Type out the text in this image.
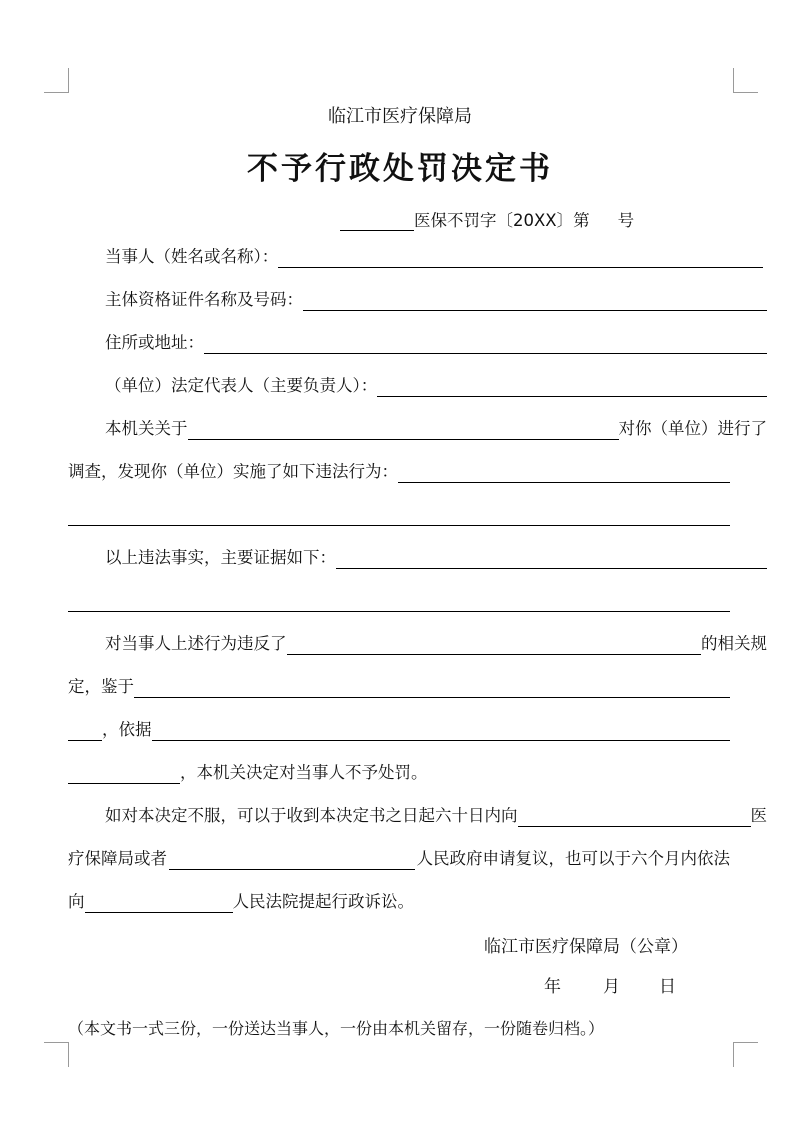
临江市医疗保障局
不予行政处罚决定书
医保不罚字〔20XX〕第 号
当事人（姓名或名称）：
主体资格证件名称及号码：
住所或地址：
（单位）法定代表人（主要负责人）：
本机关关于	对你（单位）进行了
调查，发现你（单位）实施了如下违法行为：
以上违法事实，主要证据如下：
对当事人上述行为违反了	的相关规
定，鉴于
，依据
，本机关决定对当事人不予处罚。
如对本决定不服，可以于收到本决定书之日起六十日内向	医
疗保障局或者	人民政府申请复议，也可以于六个月内依法
向	人民法院提起行政诉讼。
临江市医疗保障局（公章）
年 月 日
（本文书一式三份，一份送达当事人，一份由本机关留存，一份随卷归档。）
